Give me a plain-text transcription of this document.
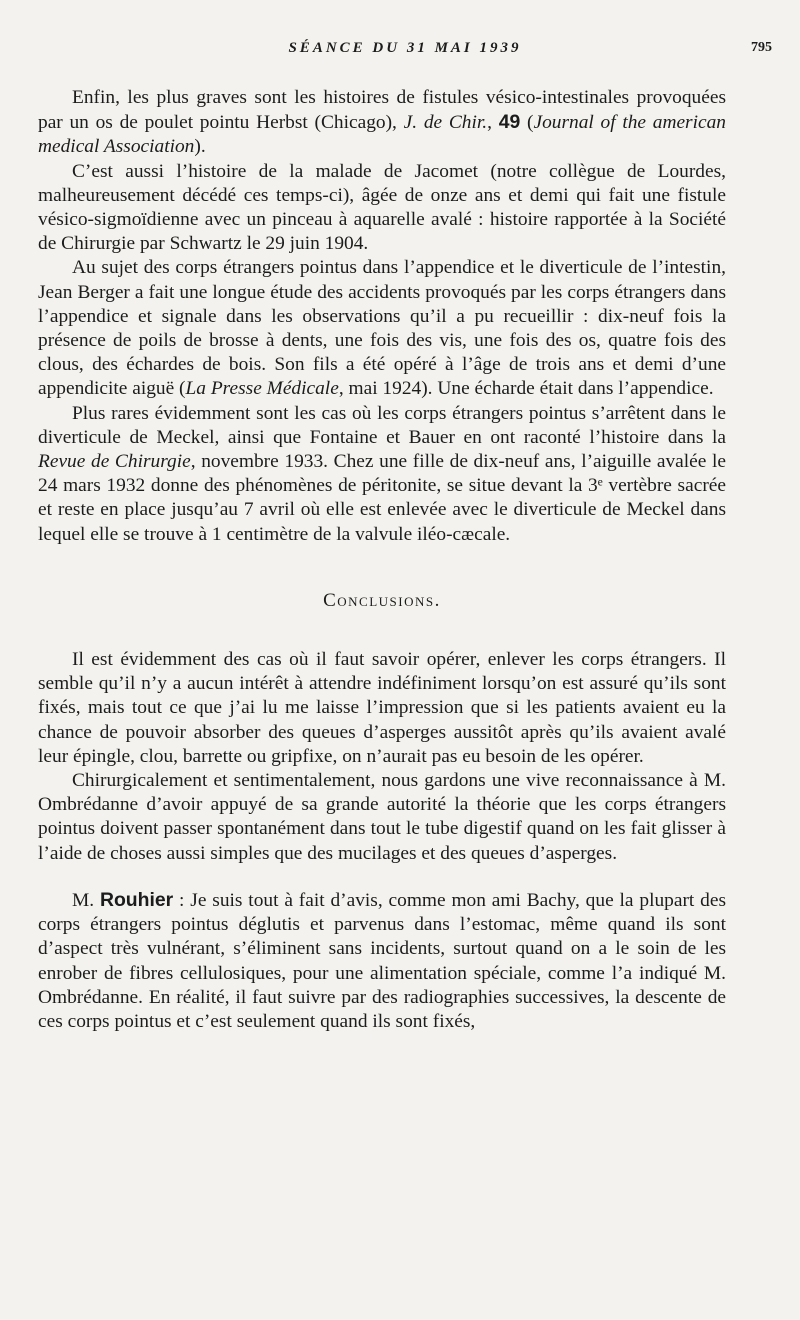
SÉANCE DU 31 MAI 1939	795

Enfin, les plus graves sont les histoires de fistules vésico-intestinales provoquées par un os de poulet pointu Herbst (Chicago), J. de Chir., 49 (Journal of the american medical Association).

C’est aussi l’histoire de la malade de Jacomet (notre collègue de Lourdes, malheureusement décédé ces temps-ci), âgée de onze ans et demi qui fait une fistule vésico-sigmoïdienne avec un pinceau à aquarelle avalé : histoire rapportée à la Société de Chirurgie par Schwartz le 29 juin 1904.

Au sujet des corps étrangers pointus dans l’appendice et le diverticule de l’intestin, Jean Berger a fait une longue étude des accidents provoqués par les corps étrangers dans l’appendice et signale dans les observations qu’il a pu recueillir : dix-neuf fois la présence de poils de brosse à dents, une fois des vis, une fois des os, quatre fois des clous, des échardes de bois. Son fils a été opéré à l’âge de trois ans et demi d’une appendicite aiguë (La Presse Médicale, mai 1924). Une écharde était dans l’appendice.

Plus rares évidemment sont les cas où les corps étrangers pointus s’arrêtent dans le diverticule de Meckel, ainsi que Fontaine et Bauer en ont raconté l’histoire dans la Revue de Chirurgie, novembre 1933. Chez une fille de dix-neuf ans, l’aiguille avalée le 24 mars 1932 donne des phénomènes de péritonite, se situe devant la 3ᵉ vertèbre sacrée et reste en place jusqu’au 7 avril où elle est enlevée avec le diverticule de Meckel dans lequel elle se trouve à 1 centimètre de la valvule iléo-cæcale.

Conclusions.

Il est évidemment des cas où il faut savoir opérer, enlever les corps étrangers. Il semble qu’il n’y a aucun intérêt à attendre indéfiniment lorsqu’on est assuré qu’ils sont fixés, mais tout ce que j’ai lu me laisse l’impression que si les patients avaient eu la chance de pouvoir absorber des queues d’asperges aussitôt après qu’ils avaient avalé leur épingle, clou, barrette ou gripfixe, on n’aurait pas eu besoin de les opérer.

Chirurgicalement et sentimentalement, nous gardons une vive reconnaissance à M. Ombrédanne d’avoir appuyé de sa grande autorité la théorie que les corps étrangers pointus doivent passer spontanément dans tout le tube digestif quand on les fait glisser à l’aide de choses aussi simples que des mucilages et des queues d’asperges.

M. Rouhier : Je suis tout à fait d’avis, comme mon ami Bachy, que la plupart des corps étrangers pointus déglutis et parvenus dans l’estomac, même quand ils sont d’aspect très vulnérant, s’éliminent sans incidents, surtout quand on a le soin de les enrober de fibres cellulosiques, pour une alimentation spéciale, comme l’a indiqué M. Ombrédanne. En réalité, il faut suivre par des radiographies successives, la descente de ces corps pointus et c’est seulement quand ils sont fixés,
